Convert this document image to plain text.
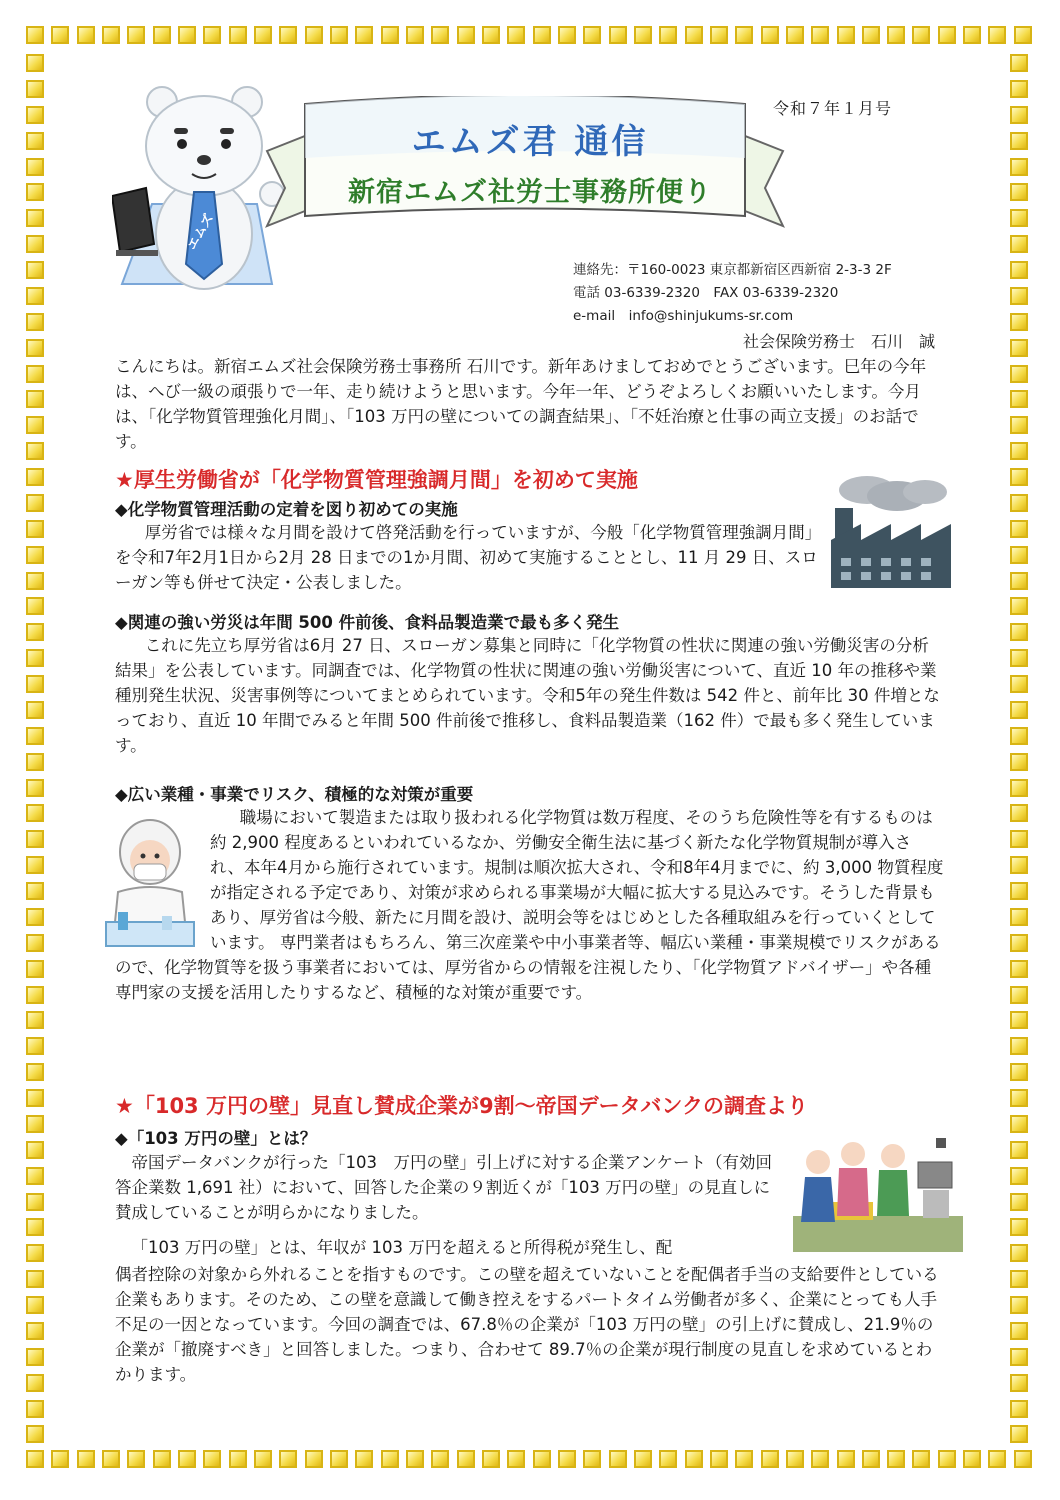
令和７年１月号
エムズ
エムズ君 通信
新宿エムズ社労士事務所便り
連絡先：〒160-0023 東京都新宿区西新宿 2-3-3 2F
電話 03-6339-2320　FAX 03-6339-2320
e-mail　info@shinjukums-sr.com
社会保険労務士　石川　誠
こんにちは。新宿エムズ社会保険労務士事務所 石川です。新年あけましておめでとうございます。巳年の今年は、へび一級の頑張りで一年、走り続けようと思います。今年一年、どうぞよろしくお願いいたします。今月は、「化学物質管理強化月間」、「103 万円の壁についての調査結果」、「不妊治療と仕事の両立支援」のお話です。
★厚生労働省が「化学物質管理強調月間」を初めて実施
◆化学物質管理活動の定着を図り初めての実施
厚労省では様々な月間を設けて啓発活動を行っていますが、今般「化学物質管理強調月間」を令和7年2月1日から2月 28 日までの1か月間、初めて実施することとし、11 月 29 日、スローガン等も併せて決定・公表しました。
◆関連の強い労災は年間 500 件前後、食料品製造業で最も多く発生
これに先立ち厚労省は6月 27 日、スローガン募集と同時に「化学物質の性状に関連の強い労働災害の分析結果」を公表しています。同調査では、化学物質の性状に関連の強い労働災害について、直近 10 年の推移や業種別発生状況、災害事例等についてまとめられています。令和5年の発生件数は 542 件と、前年比 30 件増となっており、直近 10 年間でみると年間 500 件前後で推移し、食料品製造業（162 件）で最も多く発生しています。
◆広い業種・事業でリスク、積極的な対策が重要
職場において製造または取り扱われる化学物質は数万程度、そのうち危険性等を有するものは約 2,900 程度あるといわれているなか、労働安全衛生法に基づく新たな化学物質規制が導入され、本年4月から施行されています。規制は順次拡大され、令和8年4月までに、約 3,000 物質程度が指定される予定であり、対策が求められる事業場が大幅に拡大する見込みです。そうした背景もあり、厚労省は今般、新たに月間を設け、説明会等をはじめとした各種取組みを行っていくとしています。 専門業者はもちろん、第三次産業や中小事業者等、幅広い業種・事業規模でリスクがあるので、化学物質等を扱う事業者においては、厚労省からの情報を注視したり、「化学物質アドバイザー」や各種専門家の支援を活用したりするなど、積極的な対策が重要です。
★「103 万円の壁」見直し賛成企業が9割～帝国データバンクの調査より
◆「103 万円の壁」とは？
帝国データバンクが行った「103　万円の壁」引上げに対する企業アンケート（有効回答企業数 1,691 社）において、回答した企業の９割近くが「103 万円の壁」の見直しに賛成していることが明らかになりました。
「103 万円の壁」とは、年収が 103 万円を超えると所得税が発生し、配
偶者控除の対象から外れることを指すものです。この壁を超えていないことを配偶者手当の支給要件としている企業もあります。そのため、この壁を意識して働き控えをするパートタイム労働者が多く、企業にとっても人手不足の一因となっています。今回の調査では、67.8％の企業が「103 万円の壁」の引上げに賛成し、21.9％の企業が「撤廃すべき」と回答しました。つまり、合わせて 89.7％の企業が現行制度の見直しを求めているとわかります。
